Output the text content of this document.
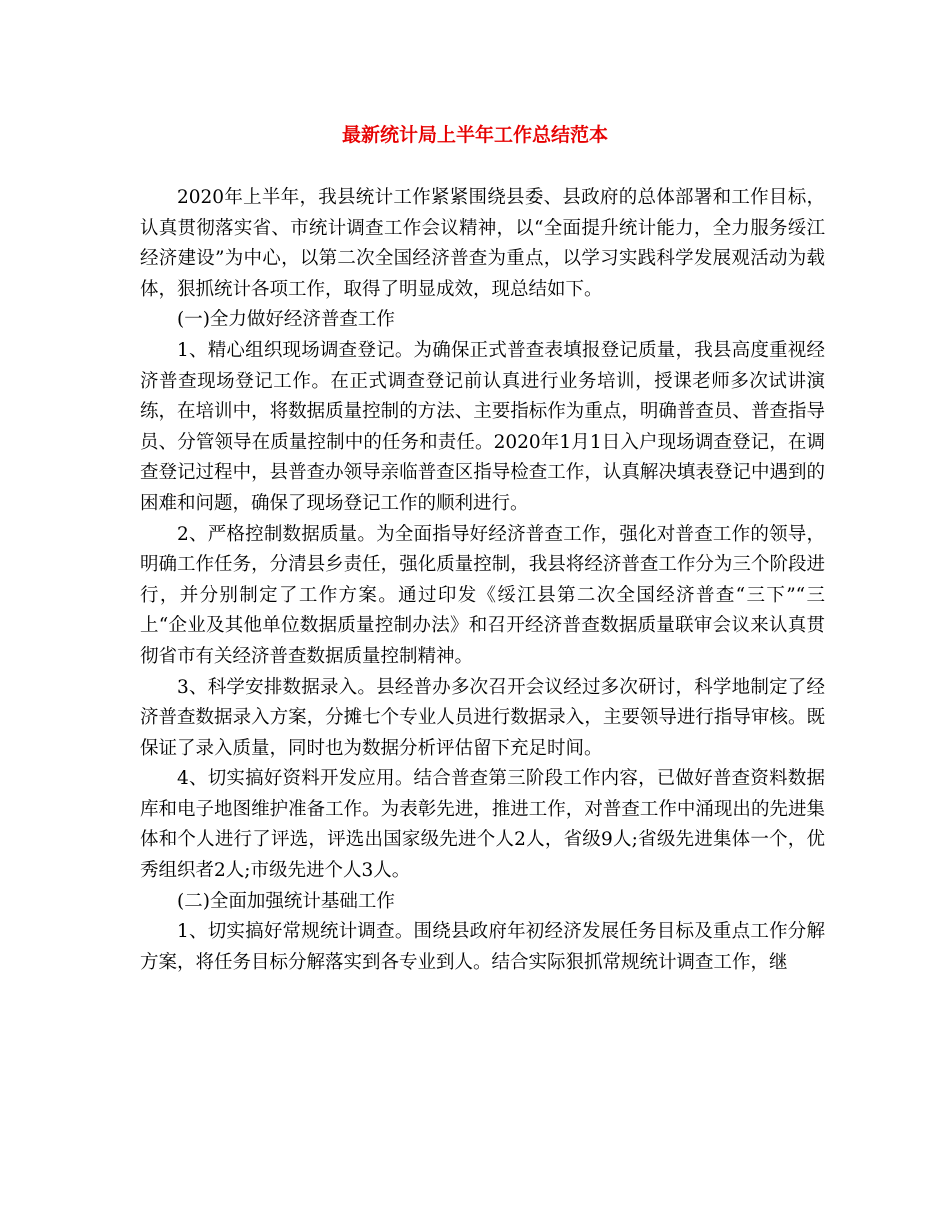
最新统计局上半年工作总结范本

2020年上半年，我县统计工作紧紧围绕县委、县政府的总体部署和工作目标，认真贯彻落实省、市统计调查工作会议精神，以“全面提升统计能力，全力服务绥江经济建设”为中心，以第二次全国经济普查为重点，以学习实践科学发展观活动为载体，狠抓统计各项工作，取得了明显成效，现总结如下。

(一)全力做好经济普查工作

1、精心组织现场调查登记。为确保正式普查表填报登记质量，我县高度重视经济普查现场登记工作。在正式调查登记前认真进行业务培训，授课老师多次试讲演练，在培训中，将数据质量控制的方法、主要指标作为重点，明确普查员、普查指导员、分管领导在质量控制中的任务和责任。2020年1月1日入户现场调查登记，在调查登记过程中，县普查办领导亲临普查区指导检查工作，认真解决填表登记中遇到的困难和问题，确保了现场登记工作的顺利进行。

2、严格控制数据质量。为全面指导好经济普查工作，强化对普查工作的领导，明确工作任务，分清县乡责任，强化质量控制，我县将经济普查工作分为三个阶段进行，并分别制定了工作方案。通过印发《绥江县第二次全国经济普查“三下”“三上“企业及其他单位数据质量控制办法》和召开经济普查数据质量联审会议来认真贯彻省市有关经济普查数据质量控制精神。

3、科学安排数据录入。县经普办多次召开会议经过多次研讨，科学地制定了经济普查数据录入方案，分摊七个专业人员进行数据录入，主要领导进行指导审核。既保证了录入质量，同时也为数据分析评估留下充足时间。

4、切实搞好资料开发应用。结合普查第三阶段工作内容，已做好普查资料数据库和电子地图维护准备工作。为表彰先进，推进工作，对普查工作中涌现出的先进集体和个人进行了评选，评选出国家级先进个人2人，省级9人;省级先进集体一个，优秀组织者2人;市级先进个人3人。

(二)全面加强统计基础工作

1、切实搞好常规统计调查。围绕县政府年初经济发展任务目标及重点工作分解方案，将任务目标分解落实到各专业到人。结合实际狠抓常规统计调查工作，继
